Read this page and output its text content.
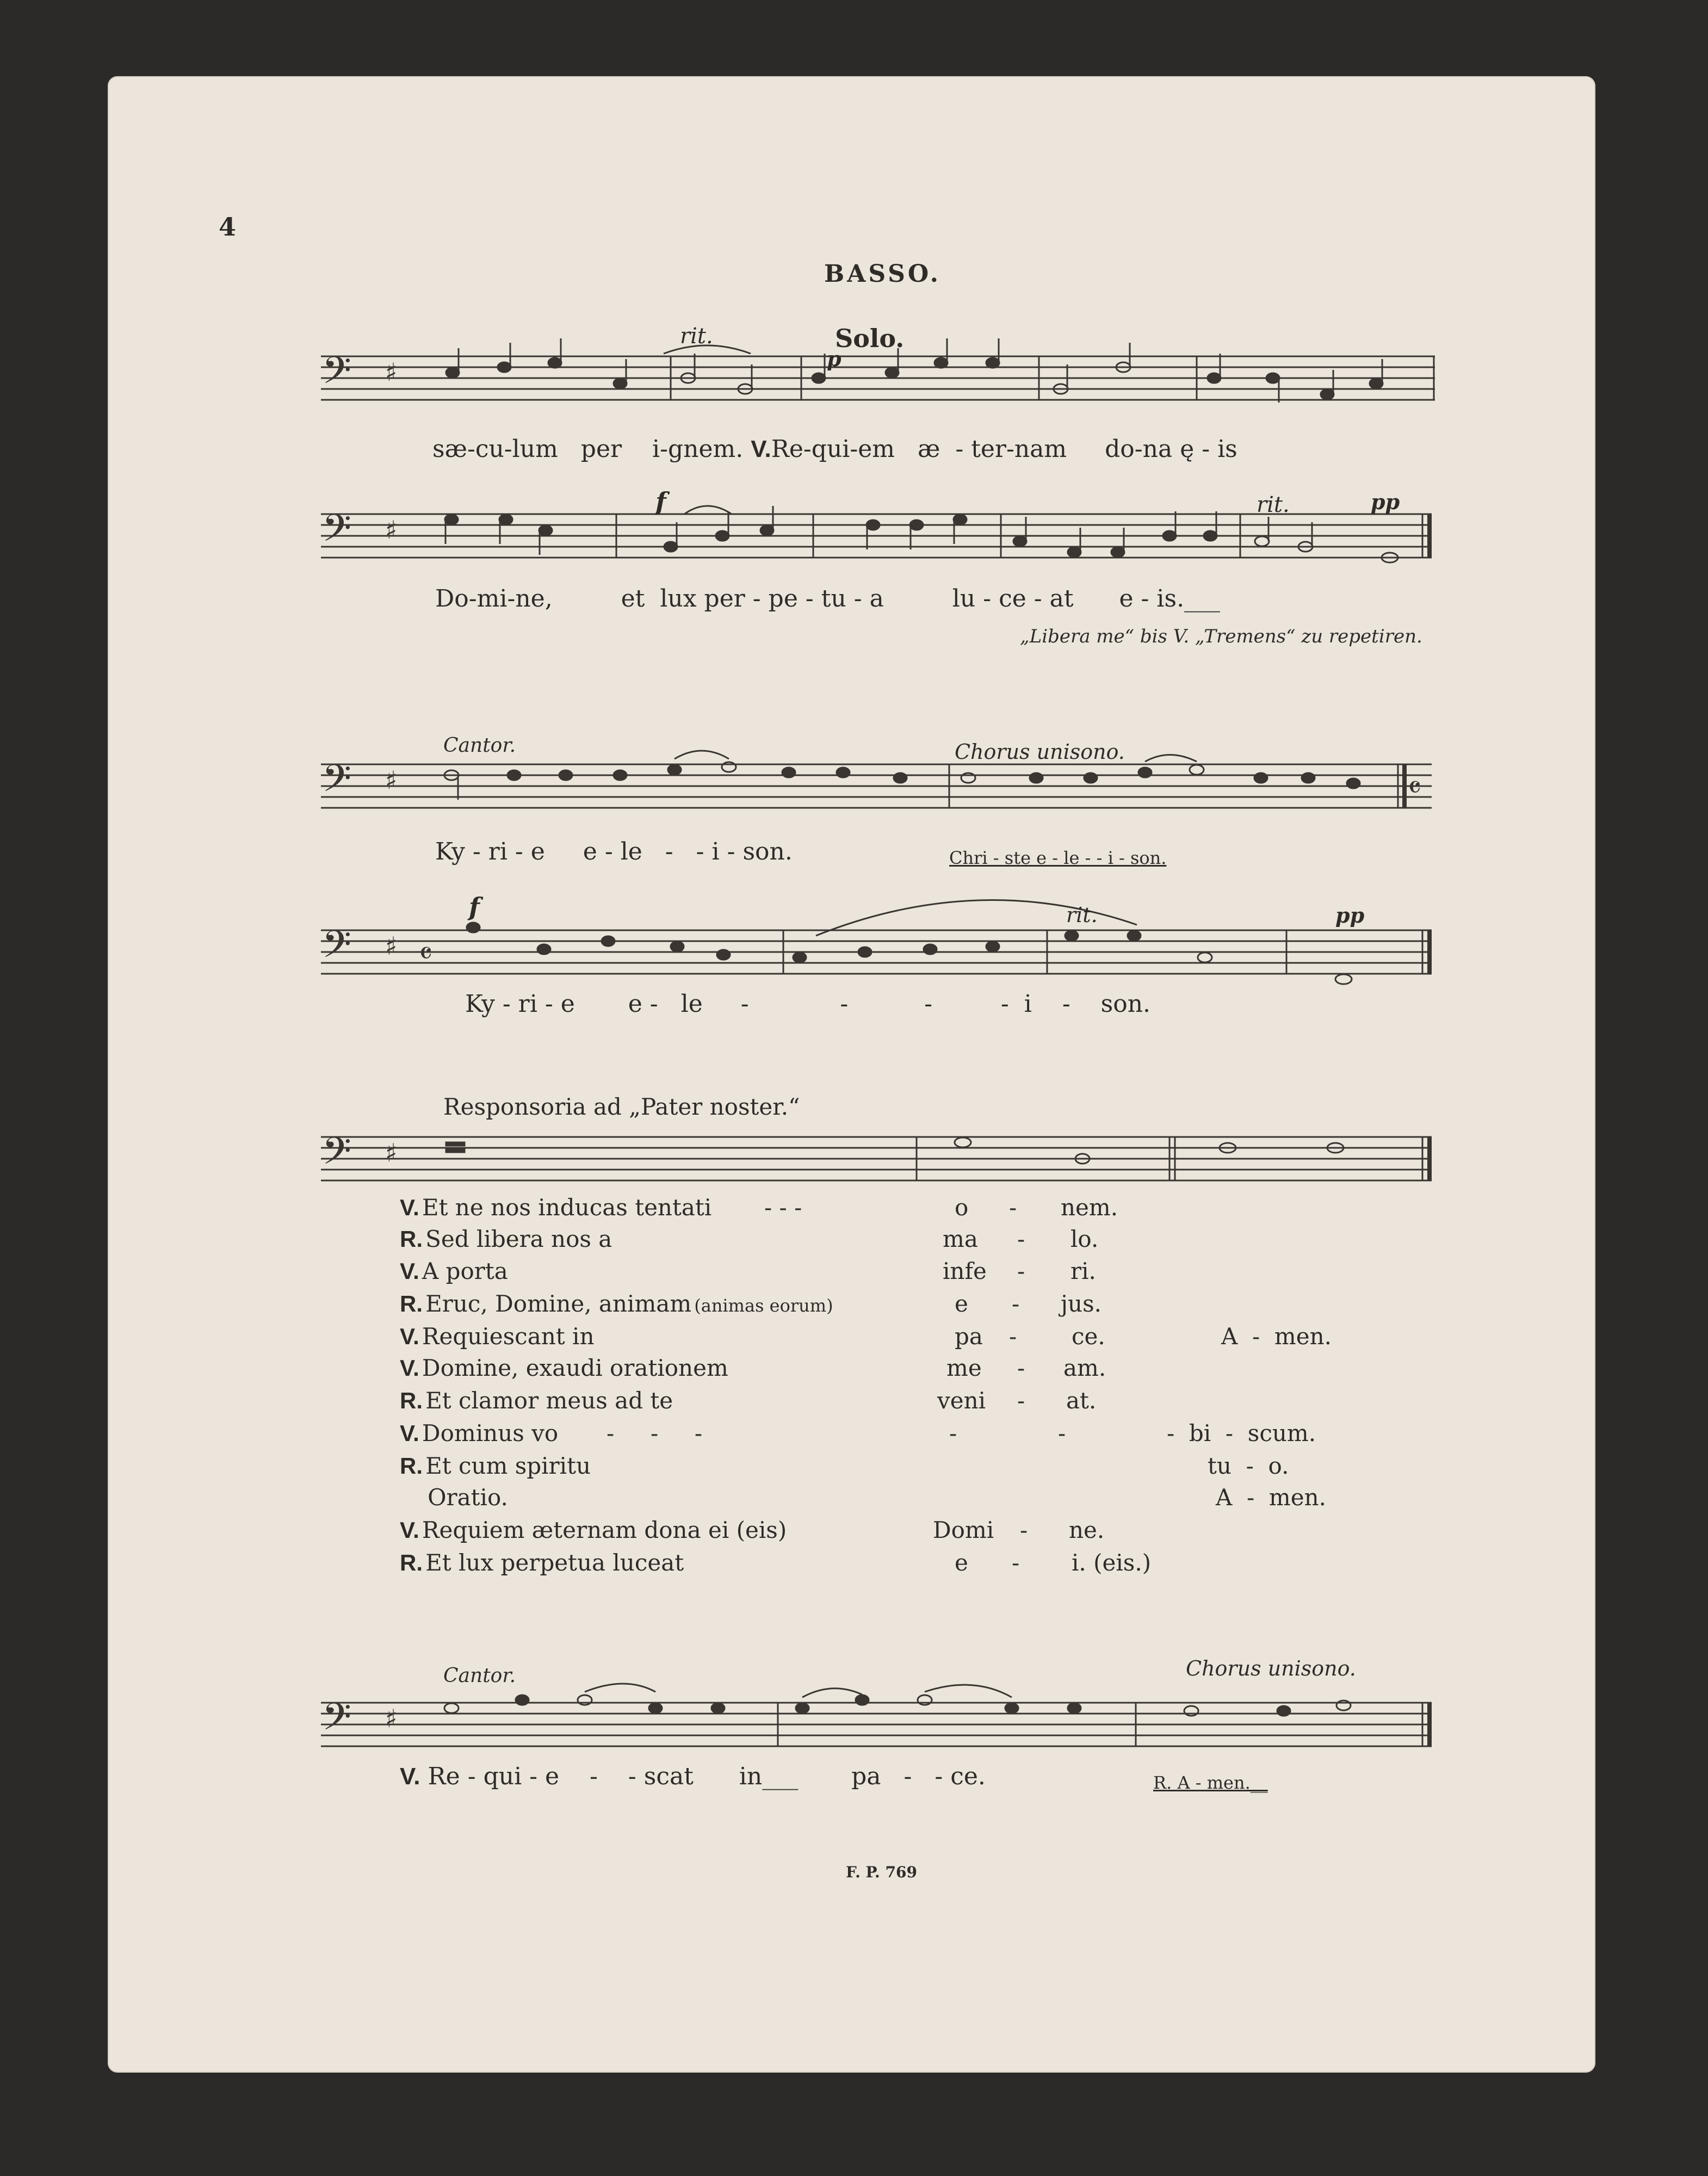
𝄢 ♯
𝄢 ♯
𝄢 ♯
𝄢 ♯ 𝄴
𝄴
𝄢 ♯
𝄢 ♯
4
BASSO.
rit.	Solo.
p
sæ-cu-lum per i-gnem. V.Re-qui-em æ - ter-nam do-na ę - is
f	rit.	pp
Do-mi-ne,	et lux per - pe - tu - a	lu - ce - at e - is.___
„Libera me“ bis V. „Tremens“ zu repetiren.
Cantor.	Chorus unisono.
Ky - ri - e e - le - - i - son.	Chri - ste e - le - - i - son.
f	rit.	pp
Ky - ri - e e - le -	-	-	- i - son.
Responsoria ad „Pater noster.“
V. Et ne nos inducas tentati - - -	o - nem.
R. Sed libera nos a	ma - lo.
V. A porta	infe - ri.
R. Eruc, Domine, animam (animas eorum)	e - jus.
V. Requiescant in	pa - ce.	A  -  men.
V. Domine, exaudi orationem	me - am.
R. Et clamor meus ad te	veni - at.
V. Dominus vo -     -     -	-	-	-  bi  -  scum.
R. Et cum spiritu	tu  -  o.
Oratio.	A  -  men.
V. Requiem æternam dona ei (eis)	Domi - ne.
R. Et lux perpetua luceat	e - i. (eis.)
Cantor.	Chorus unisono.
V. Re - qui - e - - scat in___ pa - - ce.	R. A - men.__
F. P. 769
